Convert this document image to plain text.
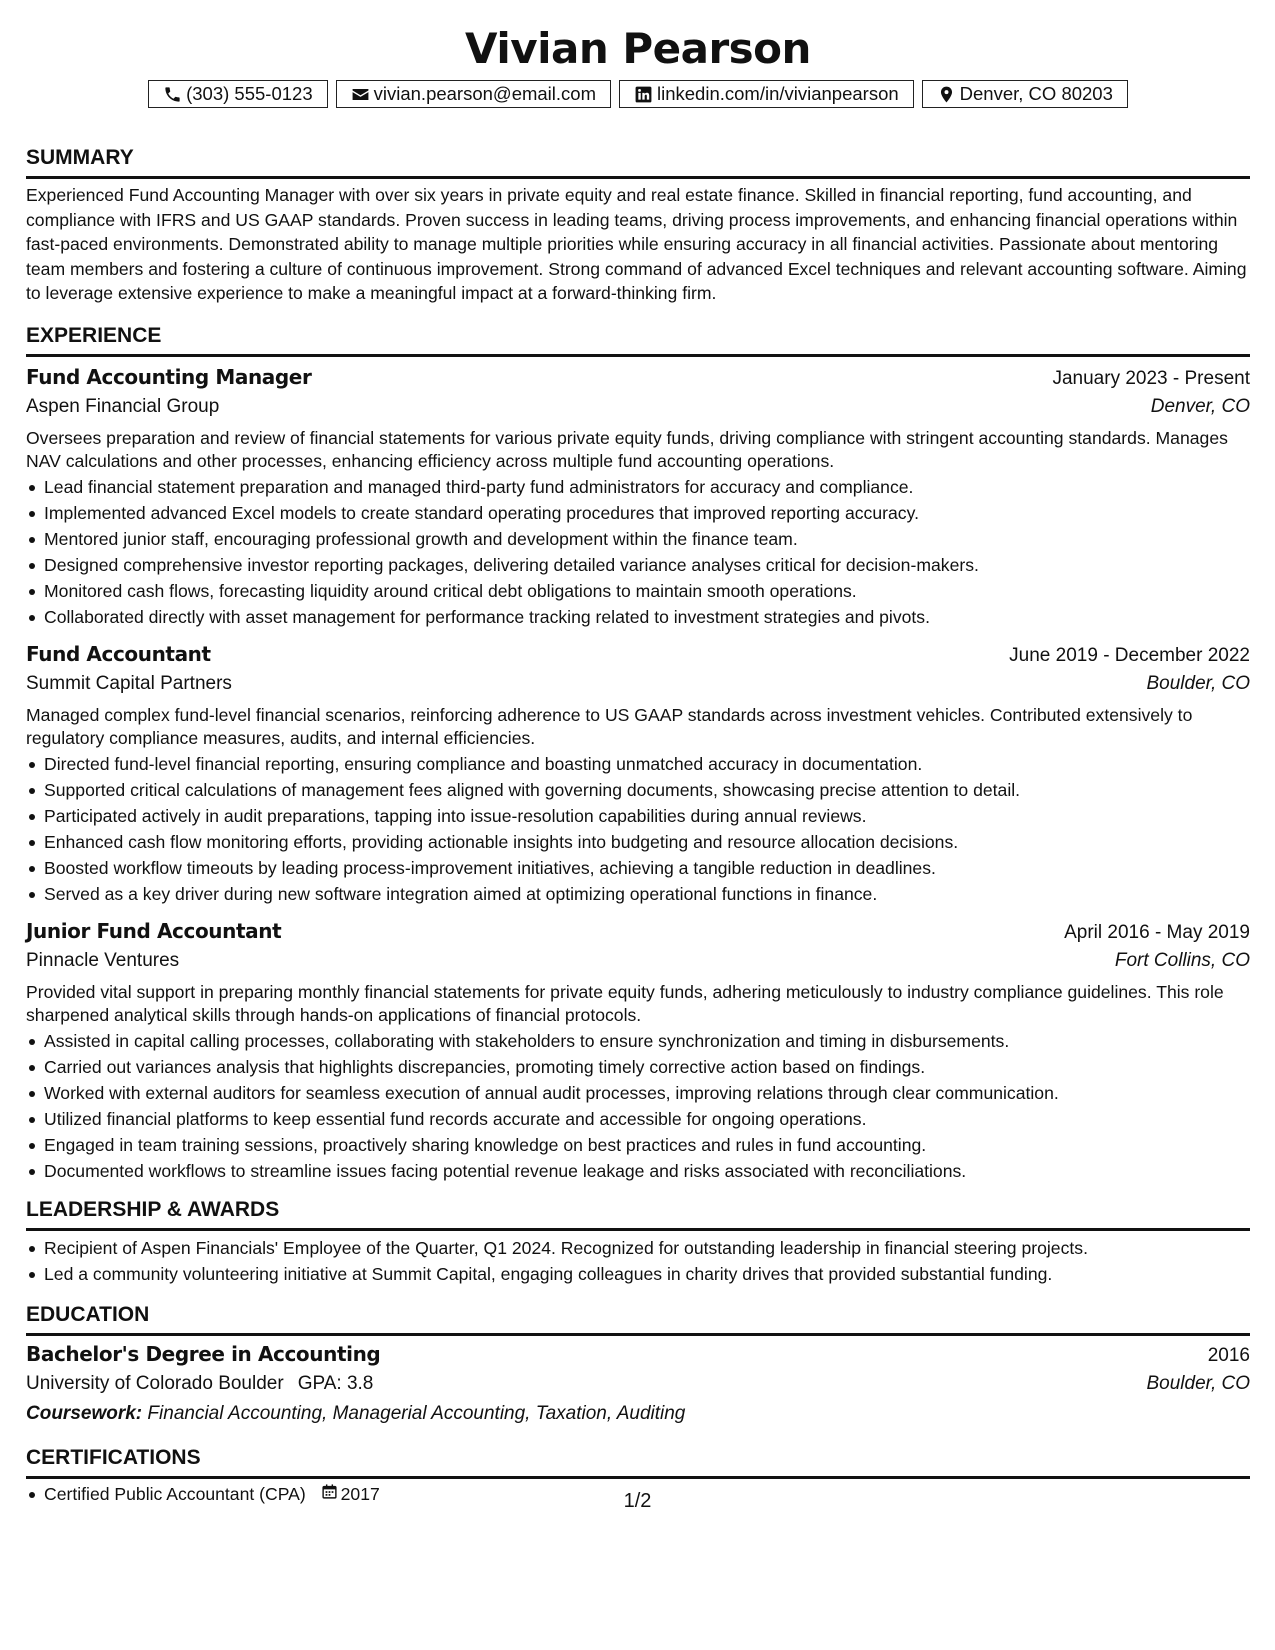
Vivian Pearson
(303) 555-0123	vivian.pearson@email.com	linkedin.com/in/vivianpearson	Denver, CO 80203
SUMMARY
Experienced Fund Accounting Manager with over six years in private equity and real estate finance. Skilled in financial reporting, fund accounting, and compliance with IFRS and US GAAP standards. Proven success in leading teams, driving process improvements, and enhancing financial operations within fast-paced environments. Demonstrated ability to manage multiple priorities while ensuring accuracy in all financial activities. Passionate about mentoring team members and fostering a culture of continuous improvement. Strong command of advanced Excel techniques and relevant accounting software. Aiming to leverage extensive experience to make a meaningful impact at a forward-thinking firm.
EXPERIENCE
Fund Accounting Manager	January 2023 - Present
Aspen Financial Group	Denver, CO
Oversees preparation and review of financial statements for various private equity funds, driving compliance with stringent accounting standards. Manages NAV calculations and other processes, enhancing efficiency across multiple fund accounting operations.
Lead financial statement preparation and managed third-party fund administrators for accuracy and compliance.
Implemented advanced Excel models to create standard operating procedures that improved reporting accuracy.
Mentored junior staff, encouraging professional growth and development within the finance team.
Designed comprehensive investor reporting packages, delivering detailed variance analyses critical for decision-makers.
Monitored cash flows, forecasting liquidity around critical debt obligations to maintain smooth operations.
Collaborated directly with asset management for performance tracking related to investment strategies and pivots.
Fund Accountant	June 2019 - December 2022
Summit Capital Partners	Boulder, CO
Managed complex fund-level financial scenarios, reinforcing adherence to US GAAP standards across investment vehicles. Contributed extensively to regulatory compliance measures, audits, and internal efficiencies.
Directed fund-level financial reporting, ensuring compliance and boasting unmatched accuracy in documentation.
Supported critical calculations of management fees aligned with governing documents, showcasing precise attention to detail.
Participated actively in audit preparations, tapping into issue-resolution capabilities during annual reviews.
Enhanced cash flow monitoring efforts, providing actionable insights into budgeting and resource allocation decisions.
Boosted workflow timeouts by leading process-improvement initiatives, achieving a tangible reduction in deadlines.
Served as a key driver during new software integration aimed at optimizing operational functions in finance.
Junior Fund Accountant	April 2016 - May 2019
Pinnacle Ventures	Fort Collins, CO
Provided vital support in preparing monthly financial statements for private equity funds, adhering meticulously to industry compliance guidelines. This role sharpened analytical skills through hands-on applications of financial protocols.
Assisted in capital calling processes, collaborating with stakeholders to ensure synchronization and timing in disbursements.
Carried out variances analysis that highlights discrepancies, promoting timely corrective action based on findings.
Worked with external auditors for seamless execution of annual audit processes, improving relations through clear communication.
Utilized financial platforms to keep essential fund records accurate and accessible for ongoing operations.
Engaged in team training sessions, proactively sharing knowledge on best practices and rules in fund accounting.
Documented workflows to streamline issues facing potential revenue leakage and risks associated with reconciliations.
LEADERSHIP & AWARDS
Recipient of Aspen Financials' Employee of the Quarter, Q1 2024. Recognized for outstanding leadership in financial steering projects.
Led a community volunteering initiative at Summit Capital, engaging colleagues in charity drives that provided substantial funding.
EDUCATION
Bachelor's Degree in Accounting	2016
University of Colorado Boulder GPA: 3.8	Boulder, CO
Coursework: Financial Accounting, Managerial Accounting, Taxation, Auditing
CERTIFICATIONS
Certified Public Accountant (CPA) 2017	1/2
